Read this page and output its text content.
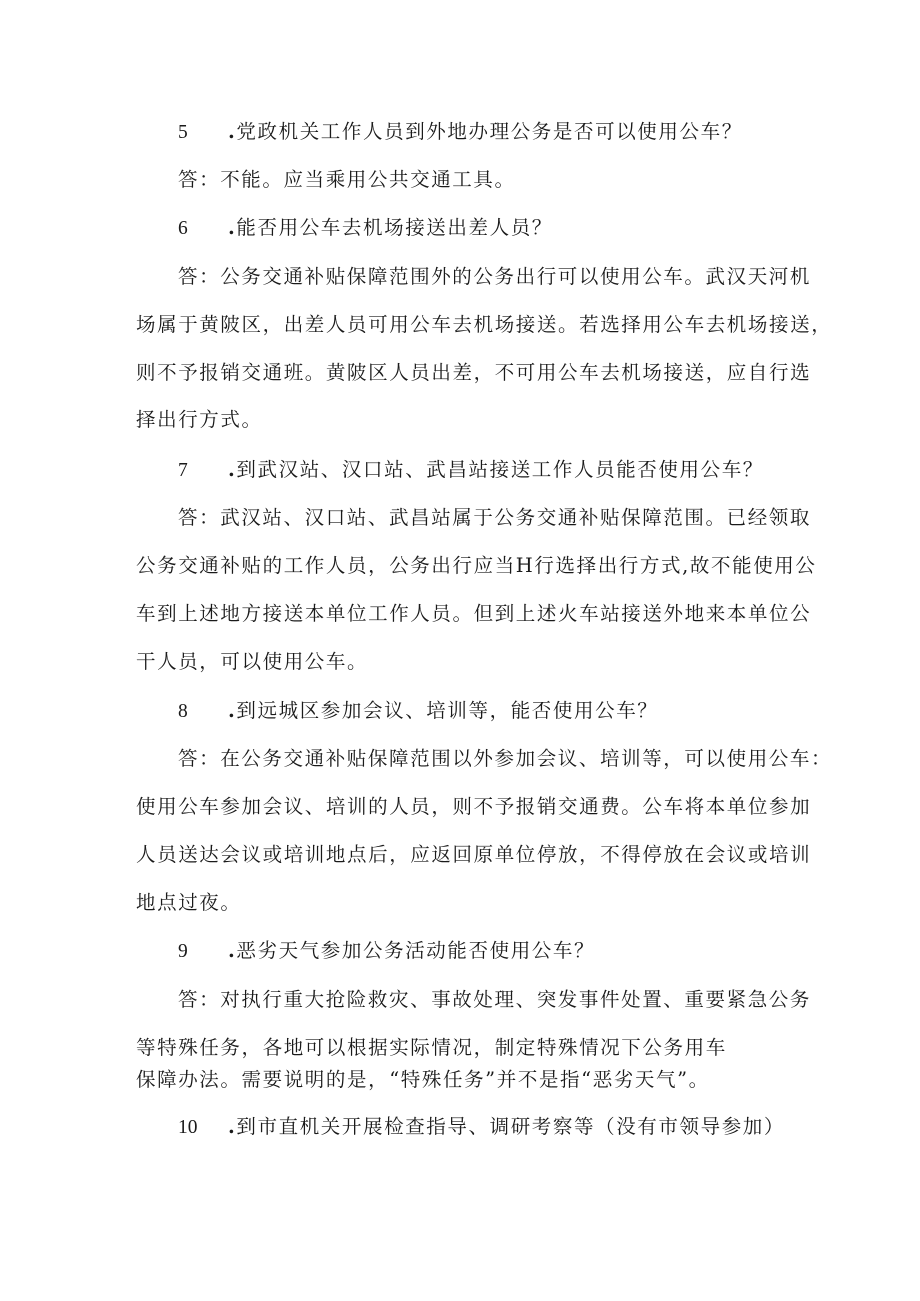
5 .党政机关工作人员到外地办理公务是否可以使用公车？
答：不能。应当乘用公共交通工具。
6 .能否用公车去机场接送出差人员？
答：公务交通补贴保障范围外的公务出行可以使用公车。武汉天河机
场属于黄陂区，出差人员可用公车去机场接送。若选择用公车去机场接送，
则不予报销交通班。黄陂区人员出差，不可用公车去机场接送，应自行选
择出行方式。
7 .到武汉站、汉口站、武昌站接送工作人员能否使用公车？
答：武汉站、汉口站、武昌站属于公务交通补贴保障范围。已经领取
公务交通补贴的工作人员，公务出行应当H行选择出行方式,故不能使用公
车到上述地方接送本单位工作人员。但到上述火车站接送外地来本单位公
干人员，可以使用公车。
8 .到远城区参加会议、培训等，能否使用公车？
答：在公务交通补贴保障范围以外参加会议、培训等，可以使用公车：
使用公车参加会议、培训的人员，则不予报销交通费。公车将本单位参加
人员送达会议或培训地点后，应返回原单位停放，不得停放在会议或培训
地点过夜。
9 .恶劣天气参加公务活动能否使用公车？
答：对执行重大抢险救灾、事故处理、突发事件处置、重要紧急公务
等特殊任务，各地可以根据实际情况，制定特殊情况下公务用车
保障办法。需要说明的是，“特殊任务”并不是指“恶劣天气”。
10 .到市直机关开展检查指导、调研考察等（没有市领导参加）
